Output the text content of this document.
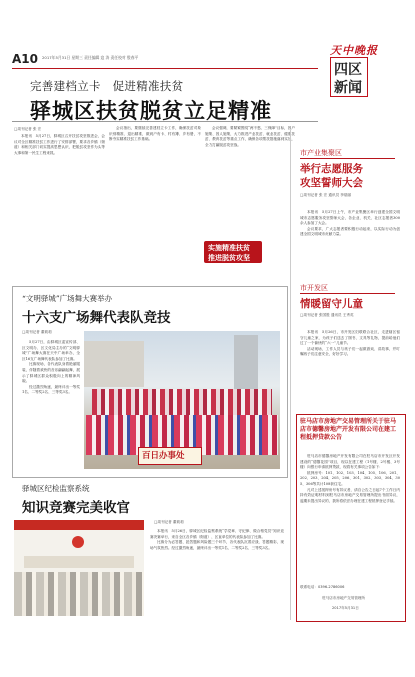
A10 2017年5月31日 星期三 责任编辑 寇 涛 责任校对 殷春平
天中晚报
四区
新闻
完善建档立卡　促进精准扶贫
驿城区扶贫脱贫立足精准
□周刊记者 张 宏

本报讯　5月27日，驿城区召开扶贫攻坚推进会，会议对全区精准扶贫工作进行了安排部署，要求各乡镇（街道）和相关部门切实提高思想认识，把脱贫攻坚作为头等大事和第一民生工程来抓。

会议指出，要继续完善建档立卡工作，确保扶贫对象识别精准、退出精准，做到户有卡、村有簿、乡有册，不断夯实精准扶贫工作基础。

会议强调，要紧紧围绕“两不愁、三保障”目标，因户施策、因人施策，大力推进产业扶贫、就业扶贫、健康扶贫、教育扶贫等重点工作，确保各项帮扶措施落到实处，全力打赢脱贫攻坚战。

实施精准扶贫
推进脱贫攻坚
“文明驿城”广场舞大赛举办
十六支广场舞代表队竞技
□周刊记者 董莉莉

5月27日，由驿城区委宣传部、区文明办、区文化局主办的“文明驿城”广场舞大赛在天中广场举办，全区16支广场舞代表队参加了比赛。

比赛现场，各代表队身着艳丽服装，伴随着欢快的音乐翩翩起舞，展示了驿城区群众积极向上的精神风貌。

经过激烈角逐，最终评出一等奖1名、二等奖2名、三等奖3名。

百日办事处
驿城区纪检监察系统
知识竞赛完美收官
□周刊记者 董莉莉

本报讯　5月26日，驿城区纪检监察系统“学党章、守纪律、做合格党员”知识竞赛决赛举行，来自全区各乡镇（街道）、区直单位的代表队参加了比赛。

比赛分为必答题、抢答题和风险题三个环节，各代表队沉着应战、答题精彩，现场气氛热烈。经过激烈角逐，最终评出一等奖1名、二等奖2名、三等奖3名。

市产业集聚区
举行志愿服务
攻坚誓师大会
□周刊记者 张 宏 通讯员 李瑞丽

本报讯　5月27日上午，市产业集聚区举行创建全国文明城市志愿服务攻坚誓师大会，各企业、机关、社区志愿者300余人参加了大会。

会议要求，广大志愿者要积极行动起来，以实际行动为创建全国文明城市贡献力量。

市开发区
情暖留守儿童
□周刊记者 张国胜 通讯员 王秀英

本报讯　5月26日，市开发区妇联联合社区，走进辖区留守儿童之家，为孩子们送去了图书、文具等礼物，提前给他们过了一个愉快的“六一”儿童节。

活动现场，工作人员与孩子们一起做游戏、讲故事，并叮嘱孩子们注意安全，好好学习。

驻马店市房地产交易管理所关于驻马店市德馨房地产开发有限公司在建工程抵押贷款公告

驻马店市德馨房地产开发有限公司在驻马店市开发区开发建设的“德馨花园”项目，现以在建工程（1号楼、2号楼、3号楼）向银行申请抵押贷款，现将有关事项公告如下：

抵押房号：101、102、103、104、105、106、201、202、203、204、205、206、301、302、303、304、305、306等共计108套住宅。

凡对上述抵押房号有异议者，请自公告之日起7个工作日内持有效证明材料到驻马店市房地产交易管理所提出书面异议，逾期未提出异议的，我所将依法办理在建工程抵押登记手续。

联系电话：0396-2786006
驻马店市房地产交易管理所
2017年5月31日
